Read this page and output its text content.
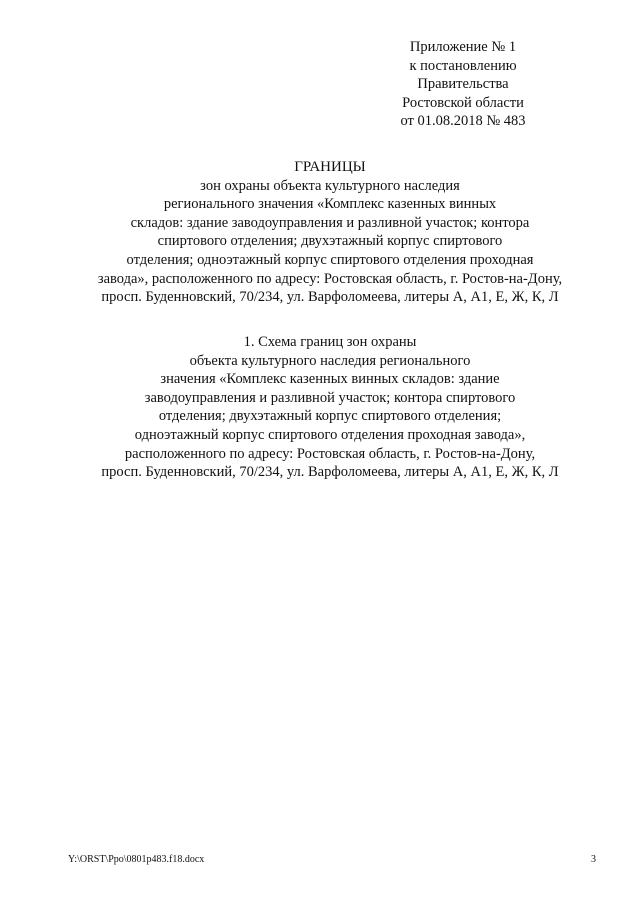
Приложение № 1
к постановлению
Правительства
Ростовской области
от 01.08.2018 № 483
ГРАНИЦЫ
зон охраны объекта культурного наследия
регионального значения «Комплекс казенных винных
складов: здание заводоуправления и разливной участок; контора
спиртового отделения; двухэтажный корпус спиртового
отделения; одноэтажный корпус спиртового отделения проходная
завода», расположенного по адресу: Ростовская область, г. Ростов-на-Дону,
просп. Буденновский, 70/234, ул. Варфоломеева, литеры А, А1, Е, Ж, К, Л
1. Схема границ зон охраны
объекта культурного наследия регионального
значения «Комплекс казенных винных складов: здание
заводоуправления и разливной участок; контора спиртового
отделения; двухэтажный корпус спиртового отделения;
одноэтажный корпус спиртового отделения проходная завода»,
расположенного по адресу: Ростовская область, г. Ростов-на-Дону,
просп. Буденновский, 70/234, ул. Варфоломеева, литеры А, А1, Е, Ж, К, Л
Y:\ORST\Ppo\0801p483.f18.docx	3
